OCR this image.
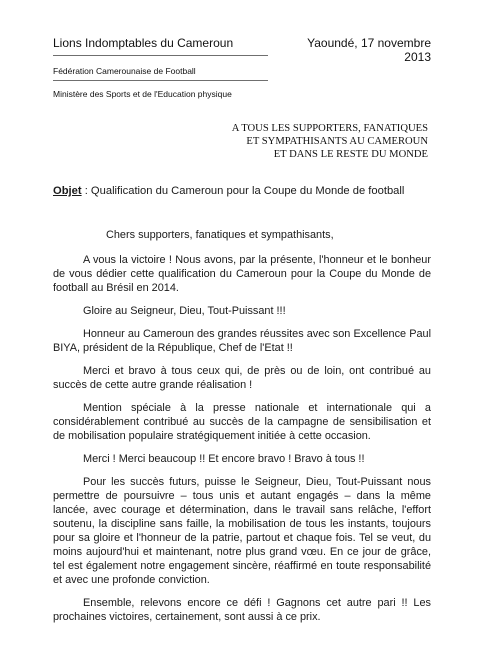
Lions Indomptables du Cameroun
Fédération Camerounaise de Football
Ministère des Sports et de l'Education physique
Yaoundé, 17 novembre 2013
A TOUS LES SUPPORTERS, FANATIQUES
ET SYMPATHISANTS AU CAMEROUN
ET DANS LE RESTE DU MONDE
Objet : Qualification du Cameroun pour la Coupe du Monde de football

Chers supporters, fanatiques et sympathisants,

A vous la victoire ! Nous avons, par la présente, l'honneur et le bonheur de vous dédier cette qualification du Cameroun pour la Coupe du Monde de football au Brésil en 2014.

Gloire au Seigneur, Dieu, Tout-Puissant !!!

Honneur au Cameroun des grandes réussites avec son Excellence Paul BIYA, président de la République, Chef de l'Etat !!

Merci et bravo à tous ceux qui, de près ou de loin, ont contribué au succès de cette autre grande réalisation !

Mention spéciale à la presse nationale et internationale qui a considérablement contribué au succès de la campagne de sensibilisation et de mobilisation populaire stratégiquement initiée à cette occasion.

Merci ! Merci beaucoup !! Et encore bravo ! Bravo à tous !!

Pour les succès futurs, puisse le Seigneur, Dieu, Tout-Puissant nous permettre de poursuivre – tous unis et autant engagés – dans la même lancée, avec courage et détermination, dans le travail sans relâche, l'effort soutenu, la discipline sans faille, la mobilisation de tous les instants, toujours pour sa gloire et l'honneur de la patrie, partout et chaque fois. Tel se veut, du moins aujourd'hui et maintenant, notre plus grand vœu. En ce jour de grâce, tel est également notre engagement sincère, réaffirmé en toute responsabilité et avec une profonde conviction.

Ensemble, relevons encore ce défi ! Gagnons cet autre pari !! Les prochaines victoires, certainement, sont aussi à ce prix.
